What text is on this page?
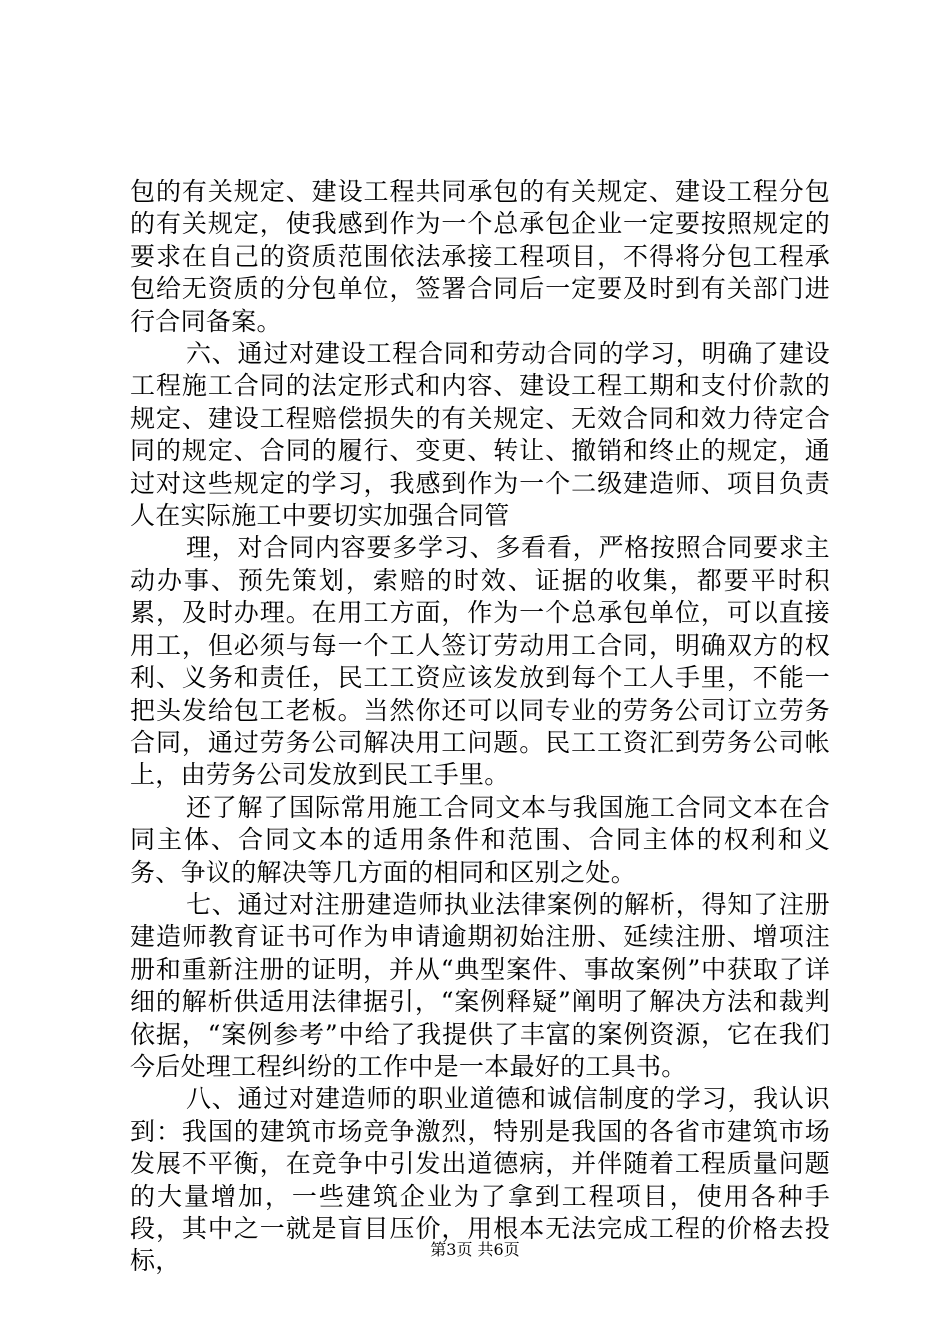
包的有关规定、建设工程共同承包的有关规定、建设工程分包的有关规定，使我感到作为一个总承包企业一定要按照规定的要求在自己的资质范围依法承接工程项目，不得将分包工程承包给无资质的分包单位，签署合同后一定要及时到有关部门进行合同备案。

六、通过对建设工程合同和劳动合同的学习，明确了建设工程施工合同的法定形式和内容、建设工程工期和支付价款的规定、建设工程赔偿损失的有关规定、无效合同和效力待定合同的规定、合同的履行、变更、转让、撤销和终止的规定，通过对这些规定的学习，我感到作为一个二级建造师、项目负责人在实际施工中要切实加强合同管

理，对合同内容要多学习、多看看，严格按照合同要求主动办事、预先策划，索赔的时效、证据的收集，都要平时积累，及时办理。在用工方面，作为一个总承包单位，可以直接用工，但必须与每一个工人签订劳动用工合同，明确双方的权利、义务和责任，民工工资应该发放到每个工人手里，不能一把头发给包工老板。当然你还可以同专业的劳务公司订立劳务合同，通过劳务公司解决用工问题。民工工资汇到劳务公司帐上，由劳务公司发放到民工手里。

还了解了国际常用施工合同文本与我国施工合同文本在合同主体、合同文本的适用条件和范围、合同主体的权利和义务、争议的解决等几方面的相同和区别之处。

七、通过对注册建造师执业法律案例的解析，得知了注册建造师教育证书可作为申请逾期初始注册、延续注册、增项注册和重新注册的证明，并从“典型案件、事故案例”中获取了详细的解析供适用法律据引，“案例释疑”阐明了解决方法和裁判依据，“案例参考”中给了我提供了丰富的案例资源，它在我们今后处理工程纠纷的工作中是一本最好的工具书。

八、通过对建造师的职业道德和诚信制度的学习，我认识到：我国的建筑市场竞争激烈，特别是我国的各省市建筑市场发展不平衡，在竞争中引发出道德病，并伴随着工程质量问题的大量增加，一些建筑企业为了拿到工程项目，使用各种手段，其中之一就是盲目压价，用根本无法完成工程的价格去投标，	第3页 共6页
